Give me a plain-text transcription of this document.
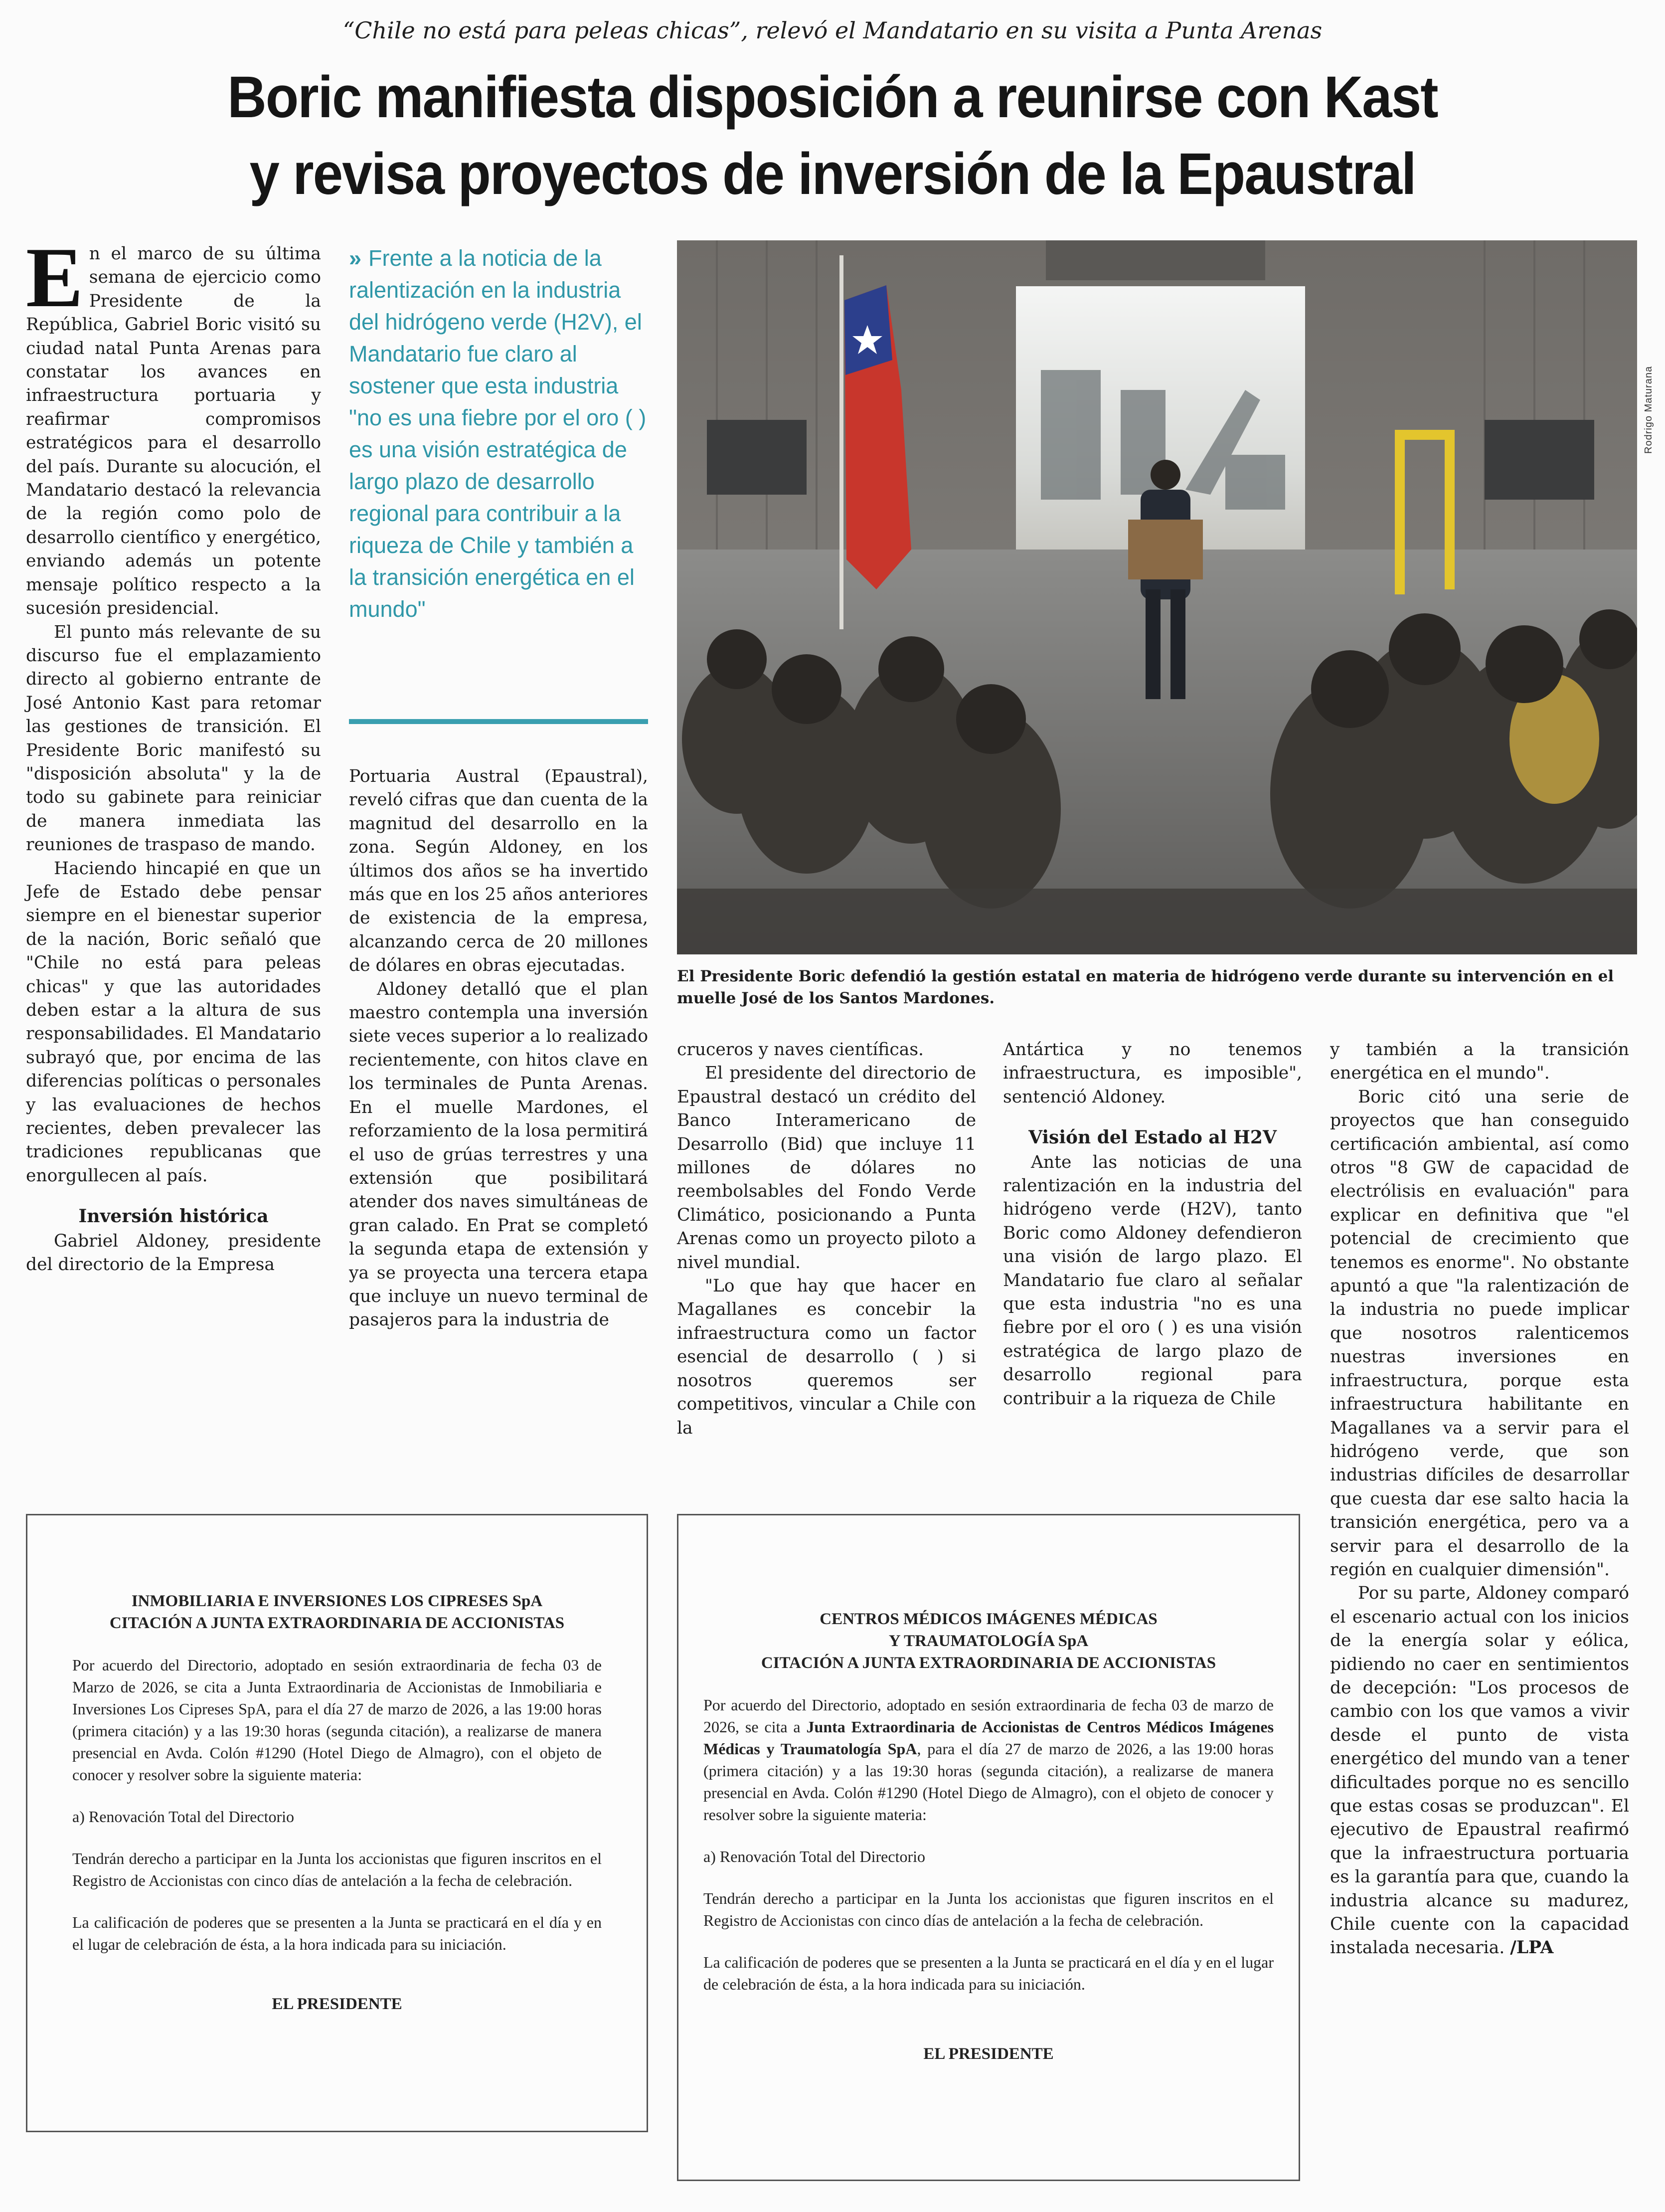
“Chile no está para peleas chicas”, relevó el Mandatario en su visita a Punta Arenas
Boric manifiesta disposición a reunirse con Kast
y revisa proyectos de inversión de la Epaustral
E n el marco de su última semana de ejercicio como Presidente de la República, Gabriel Boric visitó su ciudad natal Punta Arenas para constatar los avances en infraestructura portuaria y reafirmar compromisos estratégicos para el desarrollo del país. Durante su alocución, el Mandatario destacó la relevancia de la región como polo de desarrollo científico y energético, enviando además un potente mensaje político respecto a la sucesión presidencial.

El punto más relevante de su discurso fue el emplazamiento directo al gobierno entrante de José Antonio Kast para retomar las gestiones de transición. El Presidente Boric manifestó su "disposición absoluta" y la de todo su gabinete para reiniciar de manera inmediata las reuniones de traspaso de mando.

Haciendo hincapié en que un Jefe de Estado debe pensar siempre en el bienestar superior de la nación, Boric señaló que "Chile no está para peleas chicas" y que las autoridades deben estar a la altura de sus responsabilidades. El Mandatario subrayó que, por encima de las diferencias políticas o personales y las evaluaciones de hechos recientes, deben prevalecer las tradiciones republicanas que enorgullecen al país.

Inversión histórica

Gabriel Aldoney, presidente del directorio de la Empresa

» Frente a la noticia de la ralentización en la industria del hidrógeno verde (H2V), el Mandatario fue claro al sostener que esta industria "no es una fiebre por el oro ( ) es una visión estratégica de largo plazo de desarrollo regional para contribuir a la riqueza de Chile y también a la transición energética en el mundo"

Portuaria Austral (Epaustral), reveló cifras que dan cuenta de la magnitud del desarrollo en la zona. Según Aldoney, en los últimos dos años se ha invertido más que en los 25 años anteriores de existencia de la empresa, alcanzando cerca de 20 millones de dólares en obras ejecutadas.

Aldoney detalló que el plan maestro contempla una inversión siete veces superior a lo realizado recientemente, con hitos clave en los terminales de Punta Arenas. En el muelle Mardones, el reforzamiento de la losa permitirá el uso de grúas terrestres y una extensión que posibilitará atender dos naves simultáneas de gran calado. En Prat se completó la segunda etapa de extensión y ya se proyecta una tercera etapa que incluye un nuevo terminal de pasajeros para la industria de

Rodrigo Maturana
El Presidente Boric defendió la gestión estatal en materia de hidrógeno verde durante su intervención en el muelle José de los Santos Mardones.

cruceros y naves científicas.

El presidente del directorio de Epaustral destacó un crédito del Banco Interamericano de Desarrollo (Bid) que incluye 11 millones de dólares no reembolsables del Fondo Verde Climático, posicionando a Punta Arenas como un proyecto piloto a nivel mundial.

"Lo que hay que hacer en Magallanes es concebir la infraestructura como un factor esencial de desarrollo ( ) si nosotros queremos ser competitivos, vincular a Chile con la

Antártica y no tenemos infraestructura, es imposible", sentenció Aldoney.

Visión del Estado al H2V

Ante las noticias de una ralentización en la industria del hidrógeno verde (H2V), tanto Boric como Aldoney defendieron una visión de largo plazo. El Mandatario fue claro al señalar que esta industria "no es una fiebre por el oro ( ) es una visión estratégica de largo plazo de desarrollo regional para contribuir a la riqueza de Chile

y también a la transición energética en el mundo".

Boric citó una serie de proyectos que han conseguido certificación ambiental, así como otros "8 GW de capacidad de electrólisis en evaluación" para explicar en definitiva que "el potencial de crecimiento que tenemos es enorme". No obstante apuntó a que "la ralentización de la industria no puede implicar que nosotros ralenticemos nuestras inversiones en infraestructura, porque esta infraestructura habilitante en Magallanes va a servir para el hidrógeno verde, que son industrias difíciles de desarrollar que cuesta dar ese salto hacia la transición energética, pero va a servir para el desarrollo de la región en cualquier dimensión".

Por su parte, Aldoney comparó el escenario actual con los inicios de la energía solar y eólica, pidiendo no caer en sentimientos de decepción: "Los procesos de cambio con los que vamos a vivir desde el punto de vista energético del mundo van a tener dificultades porque no es sencillo que estas cosas se produzcan". El ejecutivo de Epaustral reafirmó que la infraestructura portuaria es la garantía para que, cuando la industria alcance su madurez, Chile cuente con la capacidad instalada necesaria. /LPA

INMOBILIARIA E INVERSIONES LOS CIPRESES SpA
CITACIÓN A JUNTA EXTRAORDINARIA DE ACCIONISTAS

Por acuerdo del Directorio, adoptado en sesión extraordinaria de fecha 03 de Marzo de 2026, se cita a Junta Extraordinaria de Accionistas de Inmobiliaria e Inversiones Los Cipreses SpA, para el día 27 de marzo de 2026, a las 19:00 horas (primera citación) y a las 19:30 horas (segunda citación), a realizarse de manera presencial en Avda. Colón #1290 (Hotel Diego de Almagro), con el objeto de conocer y resolver sobre la siguiente materia:

a) Renovación Total del Directorio

Tendrán derecho a participar en la Junta los accionistas que figuren inscritos en el Registro de Accionistas con cinco días de antelación a la fecha de celebración.

La calificación de poderes que se presenten a la Junta se practicará en el día y en el lugar de celebración de ésta, a la hora indicada para su iniciación.

EL PRESIDENTE
CENTROS MÉDICOS IMÁGENES MÉDICAS
Y TRAUMATOLOGÍA SpA
CITACIÓN A JUNTA EXTRAORDINARIA DE ACCIONISTAS

Por acuerdo del Directorio, adoptado en sesión extraordinaria de fecha 03 de marzo de 2026, se cita a Junta Extraordinaria de Accionistas de Centros Médicos Imágenes Médicas y Traumatología SpA, para el día 27 de marzo de 2026, a las 19:00 horas (primera citación) y a las 19:30 horas (segunda citación), a realizarse de manera presencial en Avda. Colón #1290 (Hotel Diego de Almagro), con el objeto de conocer y resolver sobre la siguiente materia:

a) Renovación Total del Directorio

Tendrán derecho a participar en la Junta los accionistas que figuren inscritos en el Registro de Accionistas con cinco días de antelación a la fecha de celebración.

La calificación de poderes que se presenten a la Junta se practicará en el día y en el lugar de celebración de ésta, a la hora indicada para su iniciación.

EL PRESIDENTE
